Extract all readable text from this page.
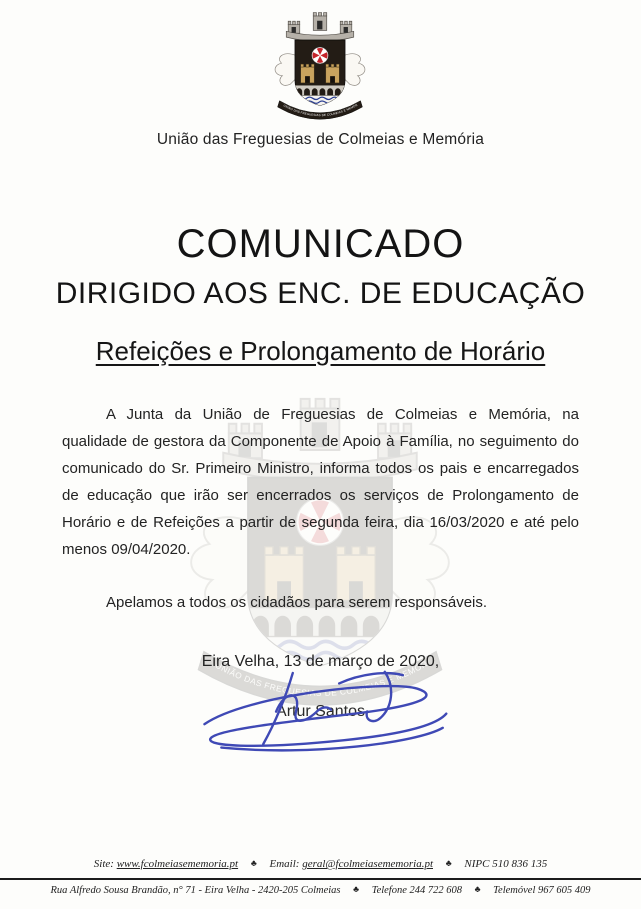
União das Freguesias de Colmeias e Memória
COMUNICADO
DIRIGIDO AOS ENC. DE EDUCAÇÃO
Refeições e Prolongamento de Horário
A Junta da União de Freguesias de Colmeias e Memória, na
qualidade de gestora da Componente de Apoio à Família, no seguimento do
comunicado do Sr. Primeiro Ministro, informa todos os pais e encarregados
de educação que irão ser encerrados os serviços de Prolongamento de
Horário e de Refeições a partir de segunda feira, dia 16/03/2020 e até pelo
menos 09/04/2020.
Apelamos a todos os cidadãos para serem responsáveis.
Eira Velha, 13 de março de 2020,
Artur Santos
Site: www.fcolmeiasememoria.pt ♣ Email: geral@fcolmeiasememoria.pt ♣ NIPC 510 836 135
Rua Alfredo Sousa Brandão, n° 71 - Eira Velha - 2420-205 Colmeias ♣ Telefone 244 722 608 ♣ Telemóvel 967 605 409
